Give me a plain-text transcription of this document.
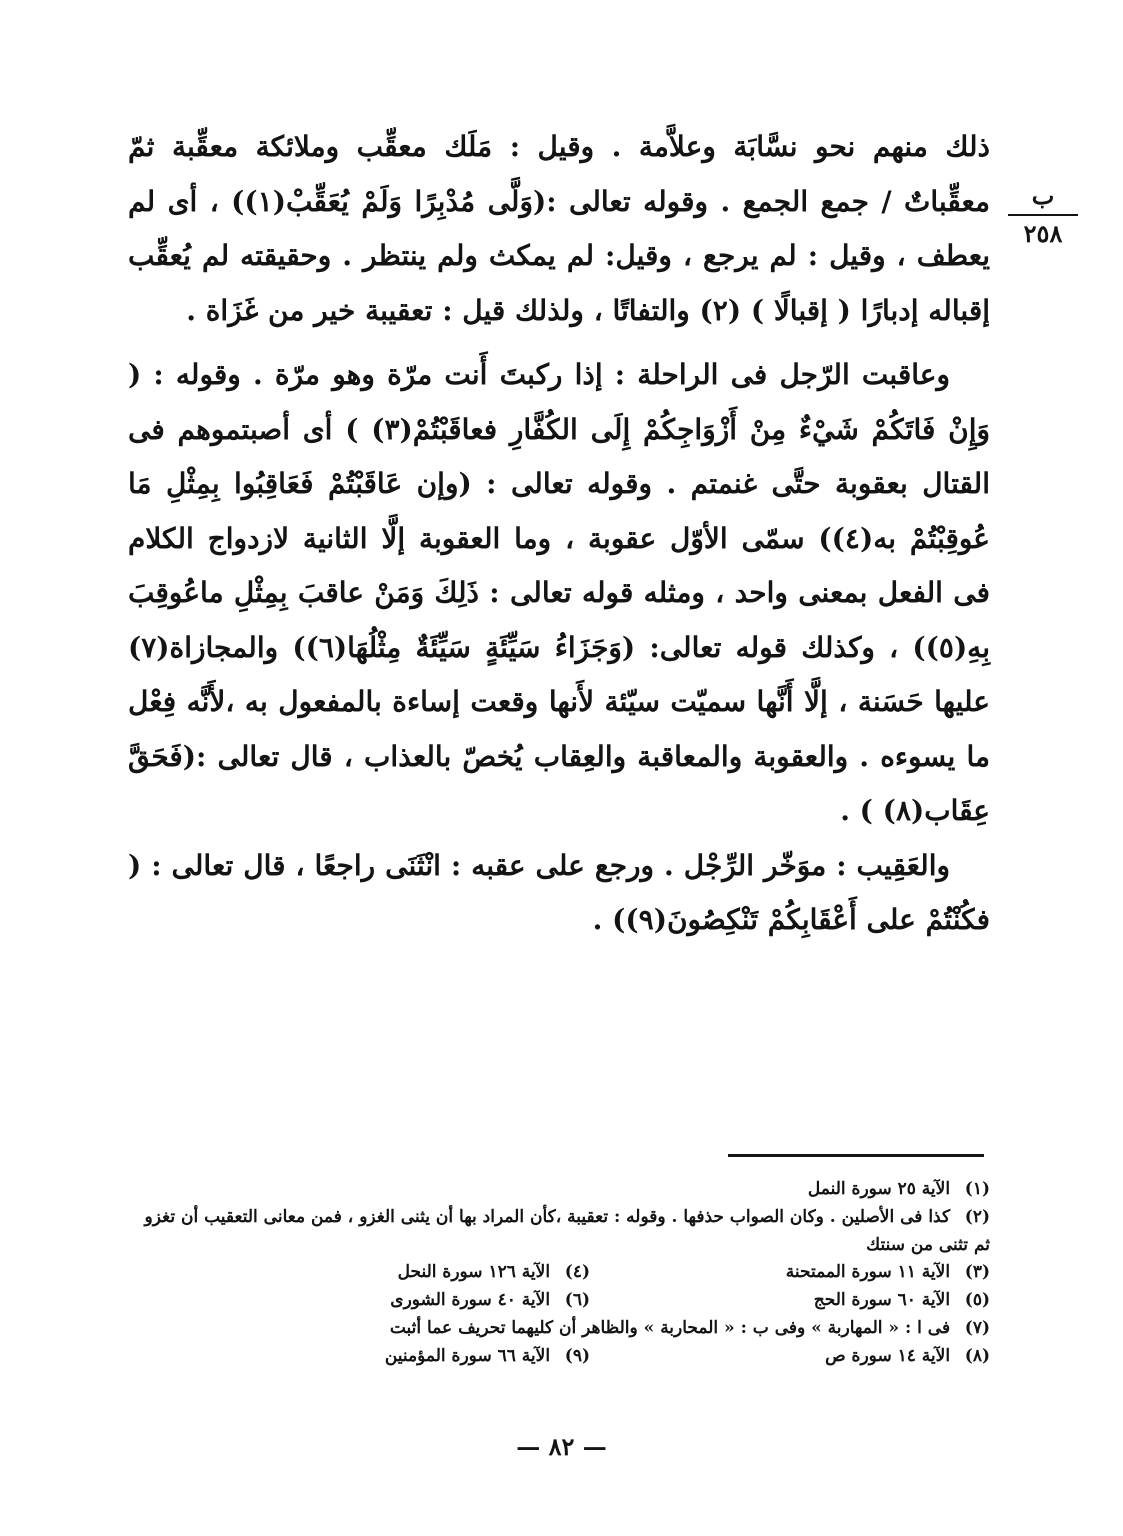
ب
٢٥٨

ذلك منهم نحو نسَّابَة وعلاَّمة . وقيل : مَلَك معقِّب وملائكة معقِّبة ثمّ معقِّباتٌ / جمع الجمع . وقوله تعالى :(وَلَّى مُدْبِرًا وَلَمْ يُعَقِّبْ(١)) ، أى لم يعطف ، وقيل : لم يرجع ، وقيل: لم يمكث ولم ينتظر . وحقيقته لم يُعقِّب إقباله إدبارًا ( إقبالًا ) (٢) والتفاتًا ، ولذلك قيل : تعقيبة خير من غَزَاة .

وعاقبت الرّجل فى الراحلة : إذا ركبتَ أَنت مرّة وهو مرّة . وقوله : ( وَإِنْ فَاتَكُمْ شَيْءٌ مِنْ أَزْوَاجِكُمْ إِلَى الكُفَّارِ فعاقَبْتُمْ(٣) ) أى أصبتموهم فى القتال بعقوبة حتَّى غنمتم . وقوله تعالى : (وإن عَاقَبْتُمْ فَعَاقِبُوا بِمِثْلِ مَا عُوقِبْتُمْ به(٤)) سمّى الأوّل عقوبة ، وما العقوبة إلَّا الثانية لازدواج الكلام فى الفعل بمعنى واحد ، ومثله قوله تعالى : ذَلِكَ وَمَنْ عاقبَ بِمِثْلِ ماعُوقِبَ بِهِ(٥)) ، وكذلك قوله تعالى: (وَجَزَاءُ سَيِّئَةٍ سَيِّئَةٌ مِثْلُهَا(٦)) والمجازاة(٧) عليها حَسَنة ، إلَّا أَنَّها سميّت سيّئة لأَنها وقعت إساءة بالمفعول به ،لأَنَّه فِعْل ما يسوءه . والعقوبة والمعاقبة والعِقاب يُخصّ بالعذاب ، قال تعالى :(فَحَقَّ عِقَاب(٨) ) .

والعَقِيب : موَخّر الرِّجْل . ورجع على عقبه : انْثَنَى راجعًا ، قال تعالى : ( فكُنْتُمْ على أَعْقَابِكُمْ تَنْكِصُونَ(٩)) .

(١) الآية ٢٥ سورة النمل
(٢) كذا فى الأصلين . وكان الصواب حذفها . وقوله : تعقيبة ،كأن المراد بها أن يثنى الغزو ، فمن معانى التعقيب أن تغزو ثم تثنى من سنتك
(٣) الآية ١١ سورة الممتحنة
(٤) الآية ١٢٦ سورة النحل
(٥) الآية ٦٠ سورة الحج
(٦) الآية ٤٠ سورة الشورى
(٧) فى ا : « المهاربة » وفى ب : « المحاربة » والظاهر أن كليهما تحريف عما أثبت
(٨) الآية ١٤ سورة ص
(٩) الآية ٦٦ سورة المؤمنين
— ٨٢ —
